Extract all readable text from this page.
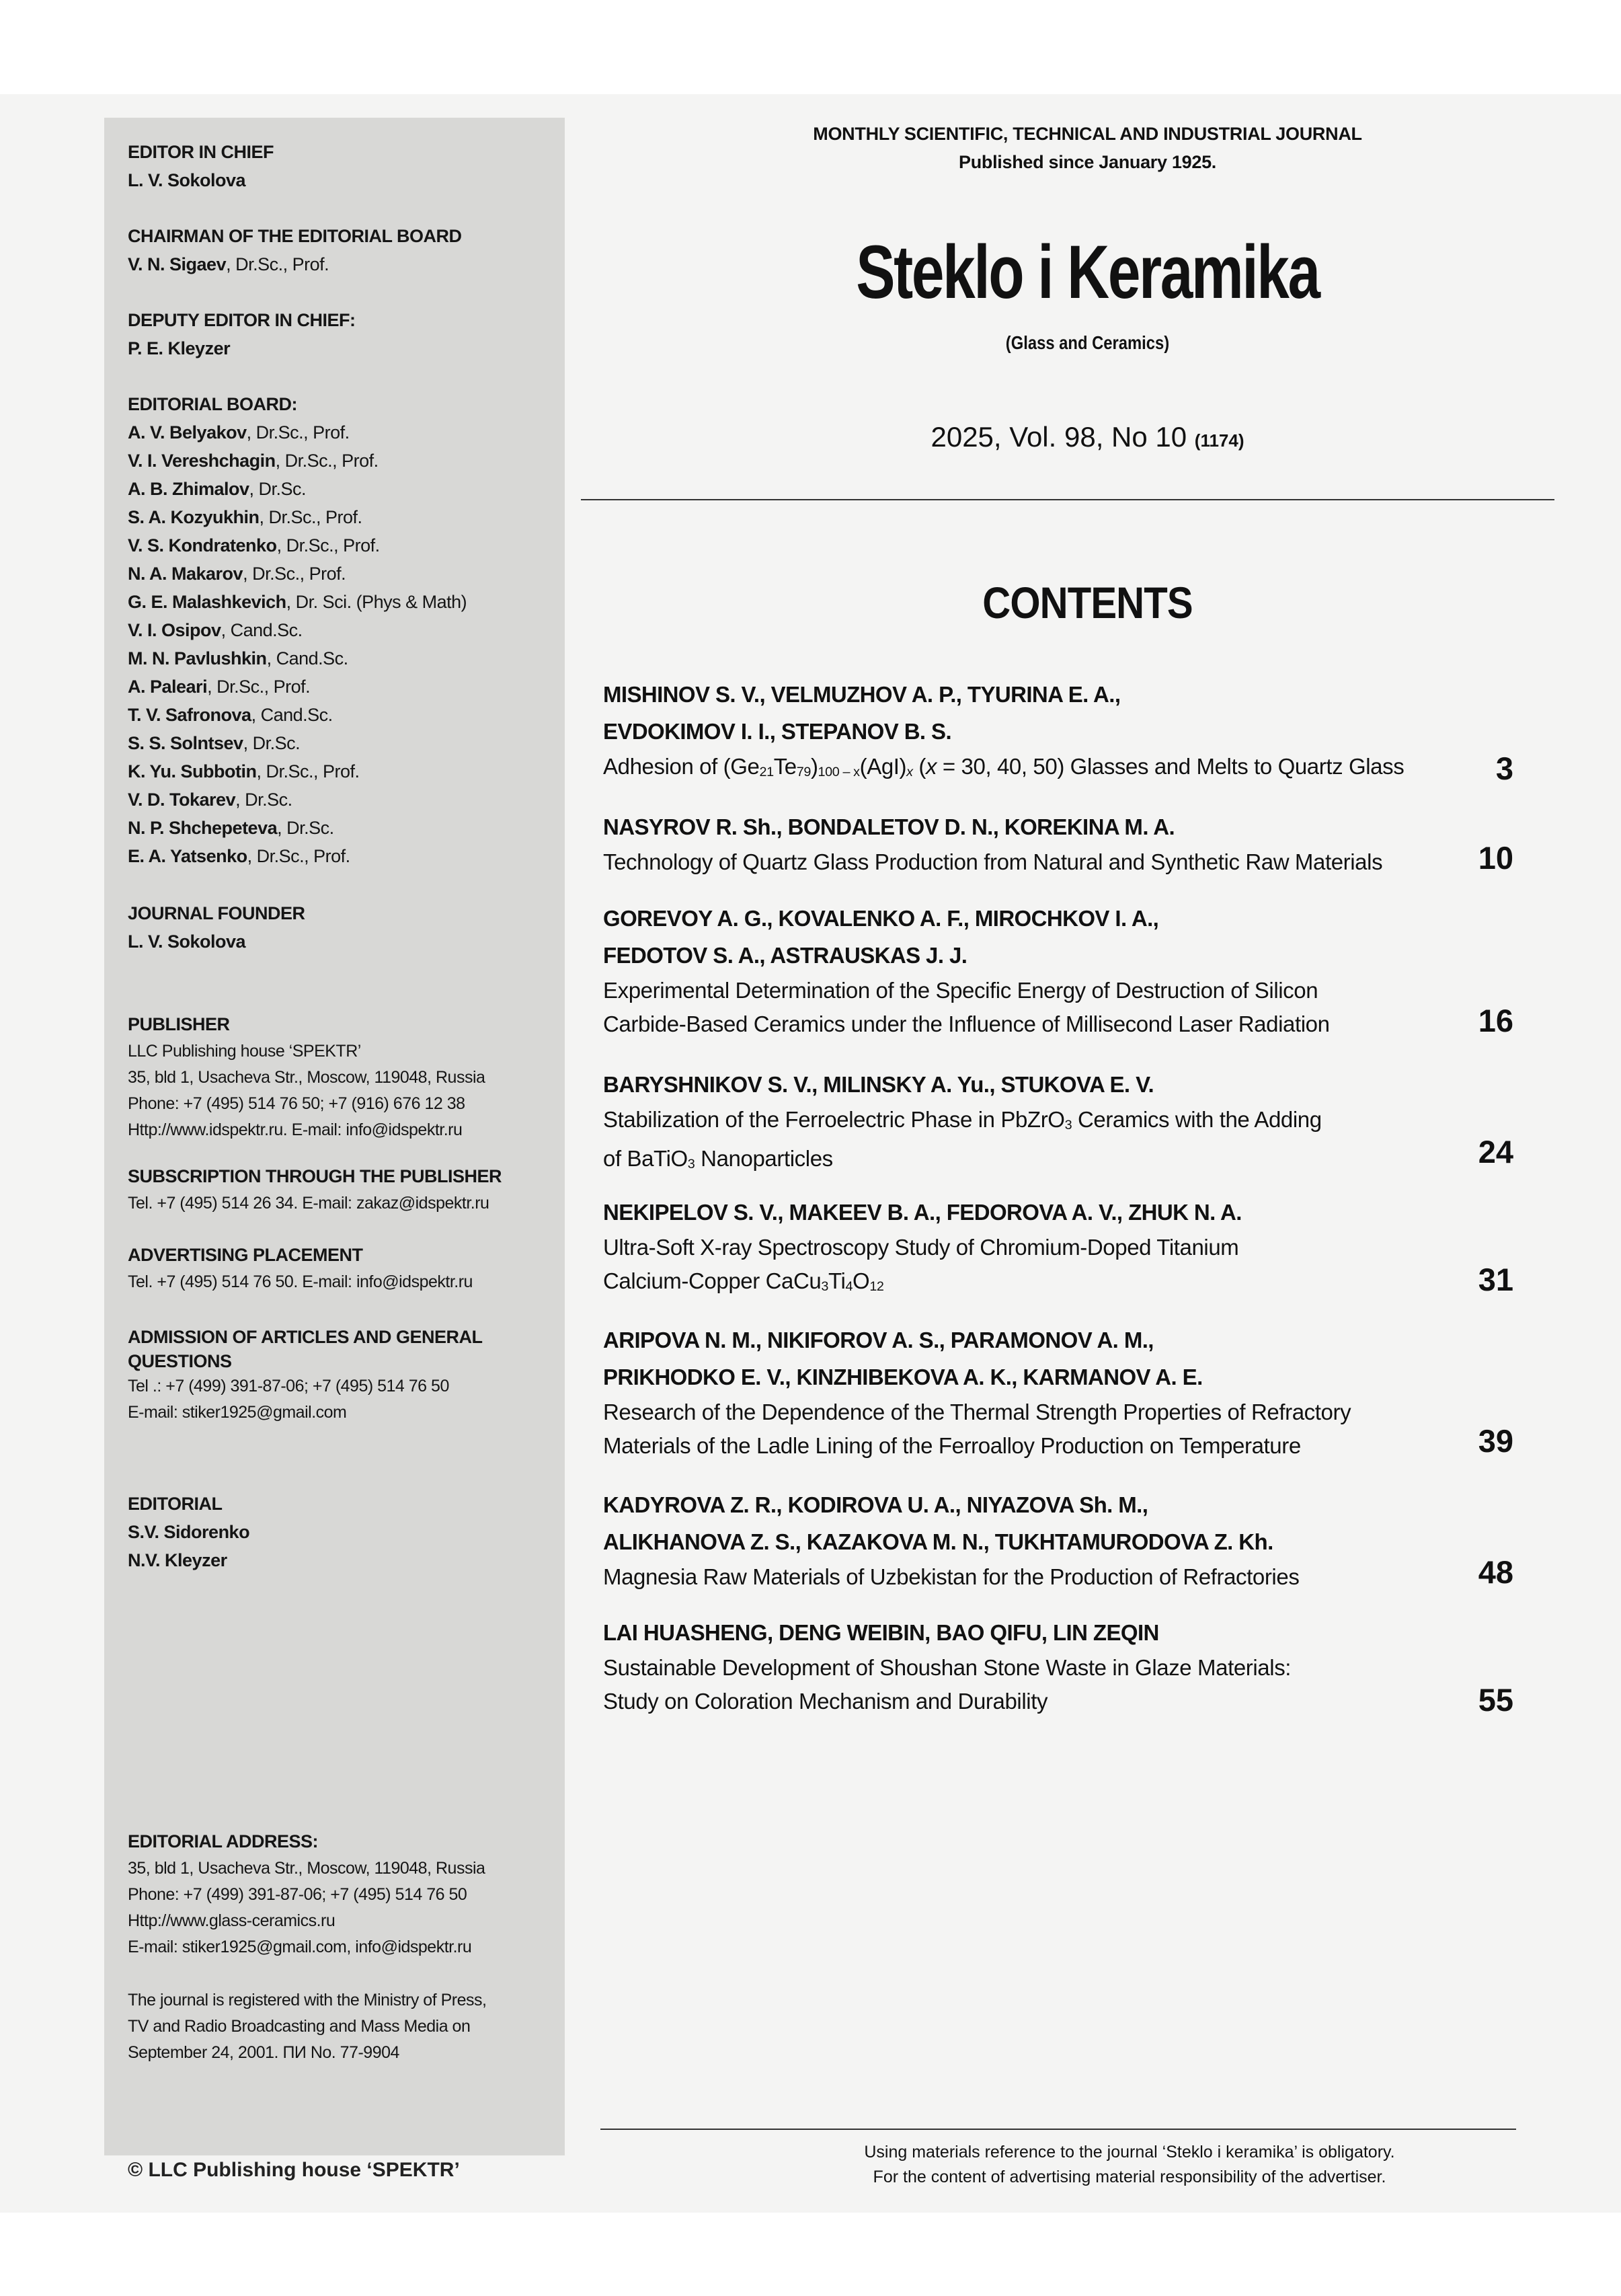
EDITOR IN CHIEF
L. V. Sokolova
CHAIRMAN OF THE EDITORIAL BOARD
V. N. Sigaev, Dr.Sc., Prof.
DEPUTY EDITOR IN CHIEF:
P. E. Kleyzer
EDITORIAL BOARD:
A. V. Belyakov, Dr.Sc., Prof.
V. I. Vereshchagin, Dr.Sc., Prof.
A. B. Zhimalov, Dr.Sc.
S. A. Kozyukhin, Dr.Sc., Prof.
V. S. Kondratenko, Dr.Sc., Prof.
N. A. Makarov, Dr.Sc., Prof.
G. E. Malashkevich, Dr. Sci. (Phys & Math)
V. I. Osipov, Cand.Sc.
M. N. Pavlushkin, Cand.Sc.
A. Paleari, Dr.Sc., Prof.
T. V. Safronova, Cand.Sc.
S. S. Solntsev, Dr.Sc.
K. Yu. Subbotin, Dr.Sc., Prof.
V. D. Tokarev, Dr.Sc.
N. P. Shchepeteva, Dr.Sc.
E. A. Yatsenko, Dr.Sc., Prof.
JOURNAL FOUNDER
L. V. Sokolova
PUBLISHER
LLC Publishing house ‘SPEKTR’
35, bld 1, Usacheva Str., Moscow, 119048, Russia
Phone: +7 (495) 514 76 50; +7 (916) 676 12 38
Http://www.idspektr.ru. E-mail: info@idspektr.ru
SUBSCRIPTION THROUGH THE PUBLISHER
Tel. +7 (495) 514 26 34. E-mail: zakaz@idspektr.ru
ADVERTISING PLACEMENT
Tel. +7 (495) 514 76 50. E-mail: info@idspektr.ru
ADMISSION OF ARTICLES AND GENERAL
QUESTIONS
Tel .: +7 (499) 391-87-06; +7 (495) 514 76 50
E-mail: stiker1925@gmail.com
EDITORIAL
S.V. Sidorenko
N.V. Kleyzer
EDITORIAL ADDRESS:
35, bld 1, Usacheva Str., Moscow, 119048, Russia
Phone: +7 (499) 391-87-06; +7 (495) 514 76 50
Http://www.glass-ceramics.ru
E-mail: stiker1925@gmail.com, info@idspektr.ru
The journal is registered with the Ministry of Press,
TV and Radio Broadcasting and Mass Media on
September 24, 2001. ПИ No. 77-9904
© LLC Publishing house ‘SPEKTR’
MONTHLY SCIENTIFIC, TECHNICAL AND INDUSTRIAL JOURNAL
Published since January 1925.
Steklo i Keramika
(Glass and Ceramics)
2025, Vol. 98, No 10 (1174)
CONTENTS
MISHINOV S. V., VELMUZHOV A. P., TYURINA E. A.,
EVDOKIMOV I. I., STEPANOV B. S.
Adhesion of $(Ge_{21}Te_{79})_{100 - x}(AgI)_x$ (x = 30, 40, 50) Glasses and Melts to Quartz Glass	3
NASYROV R. Sh., BONDALETOV D. N., KOREKINA M. A.
Technology of Quartz Glass Production from Natural and Synthetic Raw Materials	10
GOREVOY A. G., KOVALENKO A. F., MIROCHKOV I. A.,
FEDOTOV S. A., ASTRAUSKAS J. J.
Experimental Determination of the Specific Energy of Destruction of Silicon
Carbide-Based Ceramics under the Influence of Millisecond Laser Radiation	16
BARYSHNIKOV S. V., MILINSKY A. Yu., STUKOVA E. V.
Stabilization of the Ferroelectric Phase in PbZrO$_3$ Ceramics with the Adding
of BaTiO$_3$ Nanoparticles	24
NEKIPELOV S. V., MAKEEV B. A., FEDOROVA A. V., ZHUK N. A.
Ultra-Soft X-ray Spectroscopy Study of Chromium-Doped Titanium
Calcium-Copper $CaCu_3Ti_4O_{12}$	31
ARIPOVA N. M., NIKIFOROV A. S., PARAMONOV A. M.,
PRIKHODKO E. V., KINZHIBEKOVA A. K., KARMANOV A. E.
Research of the Dependence of the Thermal Strength Properties of Refractory
Materials of the Ladle Lining of the Ferroalloy Production on Temperature	39
KADYROVA Z. R., KODIROVA U. A., NIYAZOVA Sh. M.,
ALIKHANOVA Z. S., KAZAKOVA M. N., TUKHTAMURODOVA Z. Kh.
Magnesia Raw Materials of Uzbekistan for the Production of Refractories	48
LAI HUASHENG, DENG WEIBIN, BAO QIFU, LIN ZEQIN
Sustainable Development of Shoushan Stone Waste in Glaze Materials:
Study on Coloration Mechanism and Durability	55
Using materials reference to the journal ‘Steklo i keramika’ is obligatory.
For the content of advertising material responsibility of the advertiser.
